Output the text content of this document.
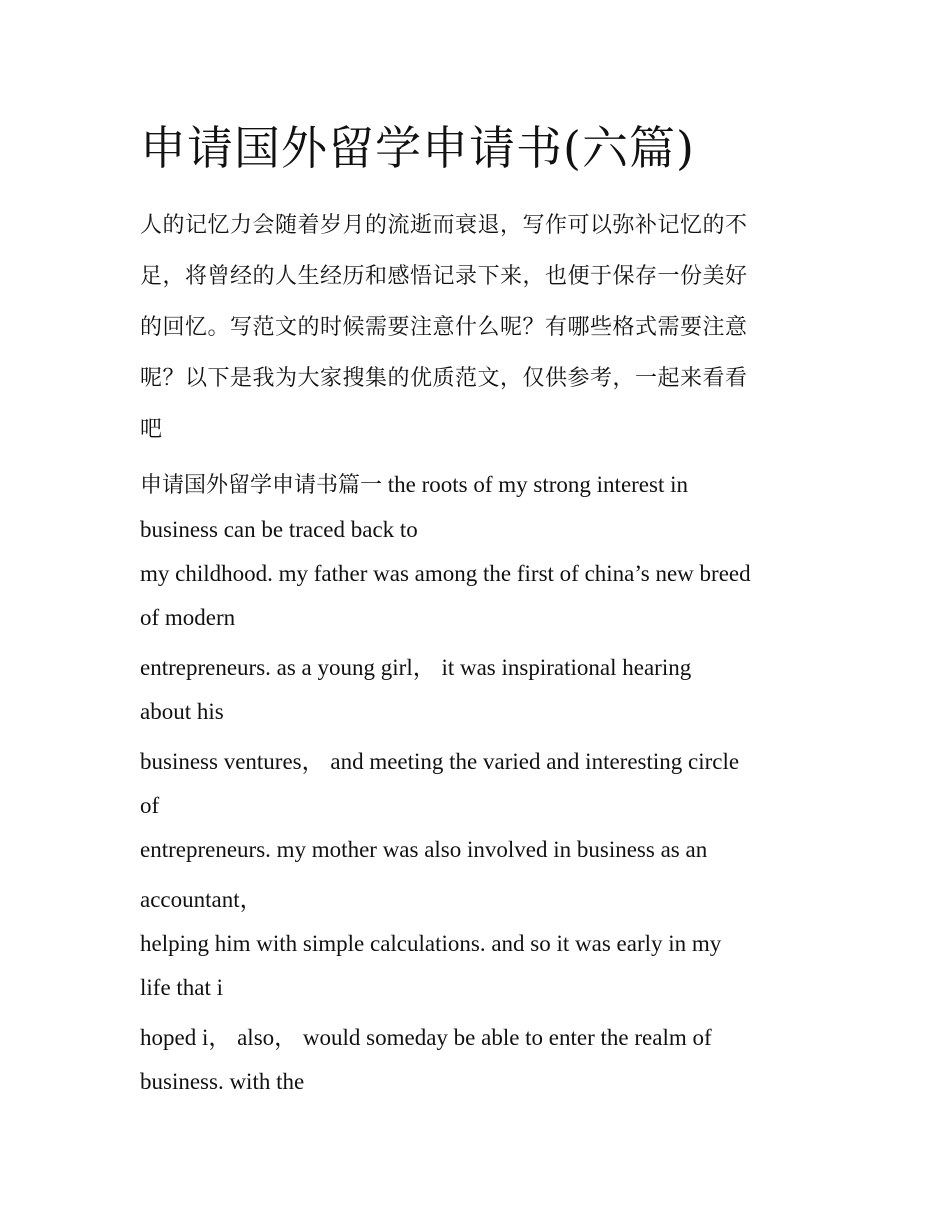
申请国外留学申请书(六篇)
人的记忆力会随着岁月的流逝而衰退，写作可以弥补记忆的不
足，将曾经的人生经历和感悟记录下来，也便于保存一份美好
的回忆。写范文的时候需要注意什么呢？有哪些格式需要注意
呢？以下是我为大家搜集的优质范文，仅供参考，一起来看看
吧
申请国外留学申请书篇一 the roots of my strong interest in
business can be traced back to
my childhood. my father was among the first of china’s new breed
of modern
entrepreneurs. as a young girl， it was inspirational hearing
about his
business ventures， and meeting the varied and interesting circle
of
entrepreneurs. my mother was also involved in business as an
accountant，
helping him with simple calculations. and so it was early in my
life that i
hoped i， also， would someday be able to enter the realm of
business. with the
